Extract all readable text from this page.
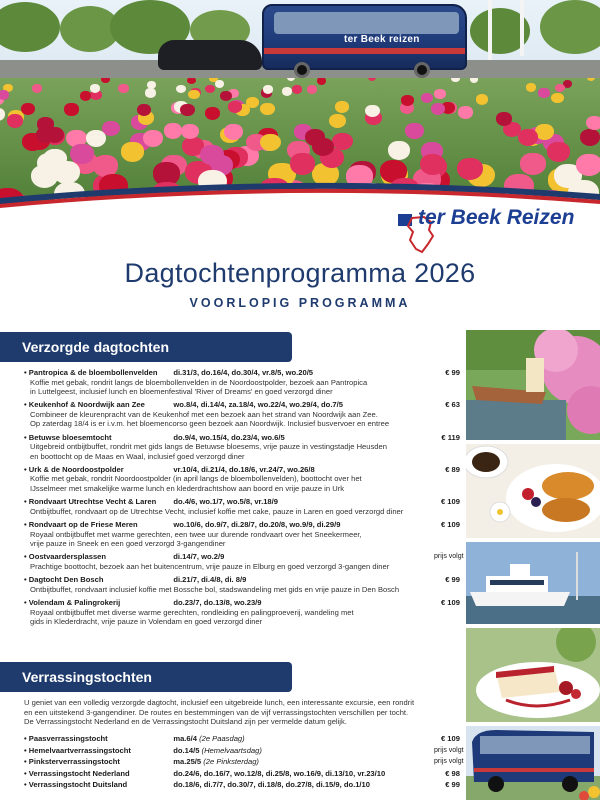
ter Beek reizen
ter Beek Reizen
Dagtochtenprogramma 2026
VOORLOPIG PROGRAMMA
Verzorgde dagtochten
• Pantropica & de bloembollenvelden	di.31/3, do.16/4, do.30/4, vr.8/5, wo.20/5	€ 99
Koffie met gebak, rondrit langs de bloembollenvelden in de Noordoostpolder, bezoek aan Pantropica
in Luttelgeest, inclusief lunch en bloemenfestival 'River of Dreams' en goed verzorgd diner
• Keukenhof & Noordwijk aan Zee	wo.8/4, di.14/4, za.18/4, wo.22/4, wo.29/4, do.7/5	€ 63
Combineer de kleurenpracht van de Keukenhof met een bezoek aan het strand van Noordwijk aan Zee.
Op zaterdag 18/4 is er i.v.m. het bloemencorso geen bezoek aan Noordwijk. Inclusief busvervoer en entree
• Betuwse bloesemtocht	do.9/4, wo.15/4, do.23/4, wo.6/5	€ 119
Uitgebreid ontbijtbuffet, rondrit met gids langs de Betuwse bloesems, vrije pauze in vestingstadje Heusden
en boottocht op de Maas en Waal, inclusief goed verzorgd diner
• Urk & de Noordoostpolder	vr.10/4, di.21/4, do.18/6, vr.24/7, wo.26/8	€ 89
Koffie met gebak, rondrit Noordoostpolder (in april langs de bloembollenvelden), boottocht over het
IJsselmeer met smakelijke warme lunch en klederdrachtshow aan boord en vrije pauze in Urk
• Rondvaart Utrechtse Vecht & Laren	do.4/6, wo.1/7, wo.5/8, vr.18/9	€ 109
Ontbijtbuffet, rondvaart op de Utrechtse Vecht, inclusief koffie met cake, pauze in Laren en goed verzorgd diner
• Rondvaart op de Friese Meren	wo.10/6, do.9/7, di.28/7, do.20/8, wo.9/9, di.29/9	€ 109
Royaal ontbijtbuffet met warme gerechten, een twee uur durende rondvaart over het Sneekermeer,
vrije pauze in Sneek en een goed verzorgd 3-gangendiner
• Oostvaardersplassen	di.14/7, wo.2/9	prijs volgt
Prachtige boottocht, bezoek aan het buitencentrum, vrije pauze in Elburg en goed verzorgd 3-gangen diner
• Dagtocht Den Bosch	di.21/7, di.4/8, di. 8/9	€ 99
Ontbijtbuffet, rondvaart inclusief koffie met Bossche bol, stadswandeling met gids en vrije pauze in Den Bosch
• Volendam & Palingrokerij	do.23/7, do.13/8, wo.23/9	€ 109
Royaal ontbijtbuffet met diverse warme gerechten, rondleiding en palingproeverij, wandeling met
gids in Klederdracht, vrije pauze in Volendam en goed verzorgd diner
Verrassingstochten
U geniet van een volledig verzorgde dagtocht, inclusief een uitgebreide lunch, een interessante excursie, een rondrit
en een uitstekend 3-gangendiner. De routes en bestemmingen van de vijf verrassingstochten verschillen per tocht.
De Verrassingstocht Nederland en de Verrassingstocht Duitsland zijn per vermelde datum gelijk.
• Paasverrassingstocht	ma.6/4 (2e Paasdag)	€ 109
• Hemelvaartverrassingstocht	do.14/5 (Hemelvaartsdag)	prijs volgt
• Pinksterverrassingstocht	ma.25/5 (2e Pinksterdag)	prijs volgt
• Verrassingstocht Nederland	do.24/6, do.16/7, wo.12/8, di.25/8, wo.16/9, di.13/10, vr.23/10	€ 98
• Verrassingstocht Duitsland	do.18/6, di.7/7, do.30/7, di.18/8, do.27/8, di.15/9, do.1/10	€ 99
